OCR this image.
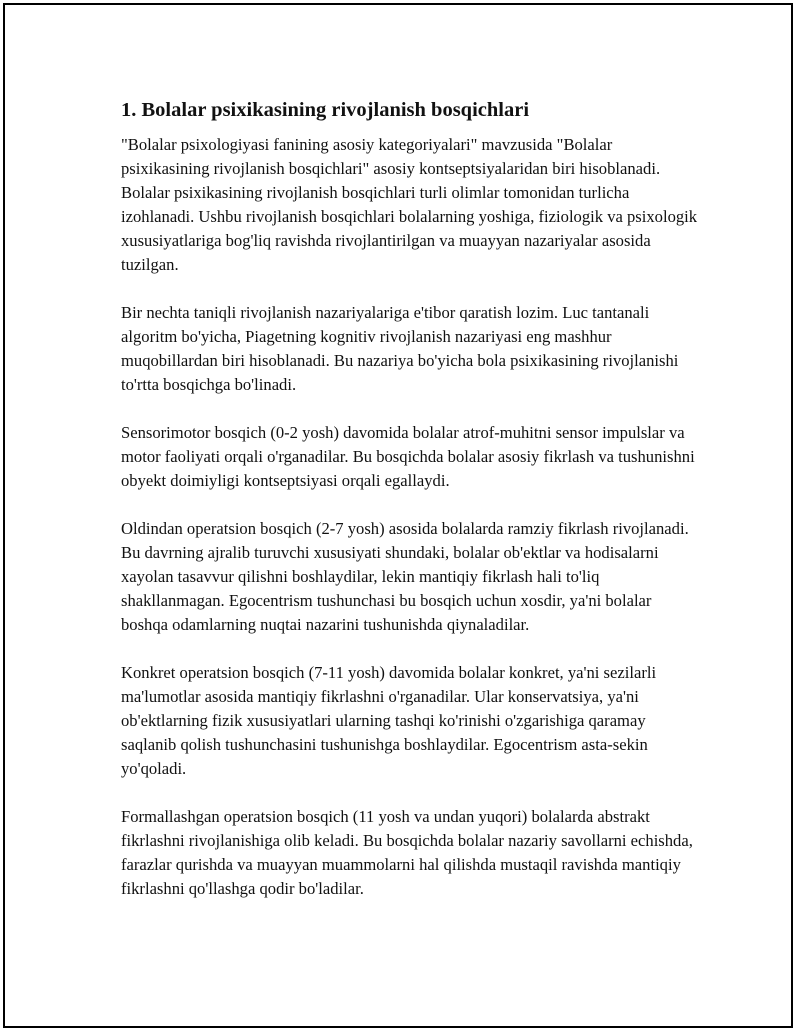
1. Bolalar psixikasining rivojlanish bosqichlari

"Bolalar psixologiyasi fanining asosiy kategoriyalari" mavzusida "Bolalar psixikasining rivojlanish bosqichlari" asosiy kontseptsiyalaridan biri hisoblanadi. Bolalar psixikasining rivojlanish bosqichlari turli olimlar tomonidan turlicha izohlanadi. Ushbu rivojlanish bosqichlari bolalarning yoshiga, fiziologik va psixologik xususiyatlariga bog'liq ravishda rivojlantirilgan va muayyan nazariyalar asosida tuzilgan.

Bir nechta taniqli rivojlanish nazariyalariga e'tibor qaratish lozim. Luc tantanali algoritm bo'yicha, Piagetning kognitiv rivojlanish nazariyasi eng mashhur muqobillardan biri hisoblanadi. Bu nazariya bo'yicha bola psixikasining rivojlanishi to'rtta bosqichga bo'linadi.

Sensorimotor bosqich (0-2 yosh) davomida bolalar atrof-muhitni sensor impulslar va motor faoliyati orqali o'rganadilar. Bu bosqichda bolalar asosiy fikrlash va tushunishni obyekt doimiyligi kontseptsiyasi orqali egallaydi.

Oldindan operatsion bosqich (2-7 yosh) asosida bolalarda ramziy fikrlash rivojlanadi. Bu davrning ajralib turuvchi xususiyati shundaki, bolalar ob'ektlar va hodisalarni xayolan tasavvur qilishni boshlaydilar, lekin mantiqiy fikrlash hali to'liq shakllanmagan. Egocentrism tushunchasi bu bosqich uchun xosdir, ya'ni bolalar boshqa odamlarning nuqtai nazarini tushunishda qiynaladilar.

Konkret operatsion bosqich (7-11 yosh) davomida bolalar konkret, ya'ni sezilarli ma'lumotlar asosida mantiqiy fikrlashni o'rganadilar. Ular konservatsiya, ya'ni ob'ektlarning fizik xususiyatlari ularning tashqi ko'rinishi o'zgarishiga qaramay saqlanib qolish tushunchasini tushunishga boshlaydilar. Egocentrism asta-sekin yo'qoladi.

Formallashgan operatsion bosqich (11 yosh va undan yuqori) bolalarda abstrakt fikrlashni rivojlanishiga olib keladi. Bu bosqichda bolalar nazariy savollarni echishda, farazlar qurishda va muayyan muammolarni hal qilishda mustaqil ravishda mantiqiy fikrlashni qo'llashga qodir bo'ladilar.
